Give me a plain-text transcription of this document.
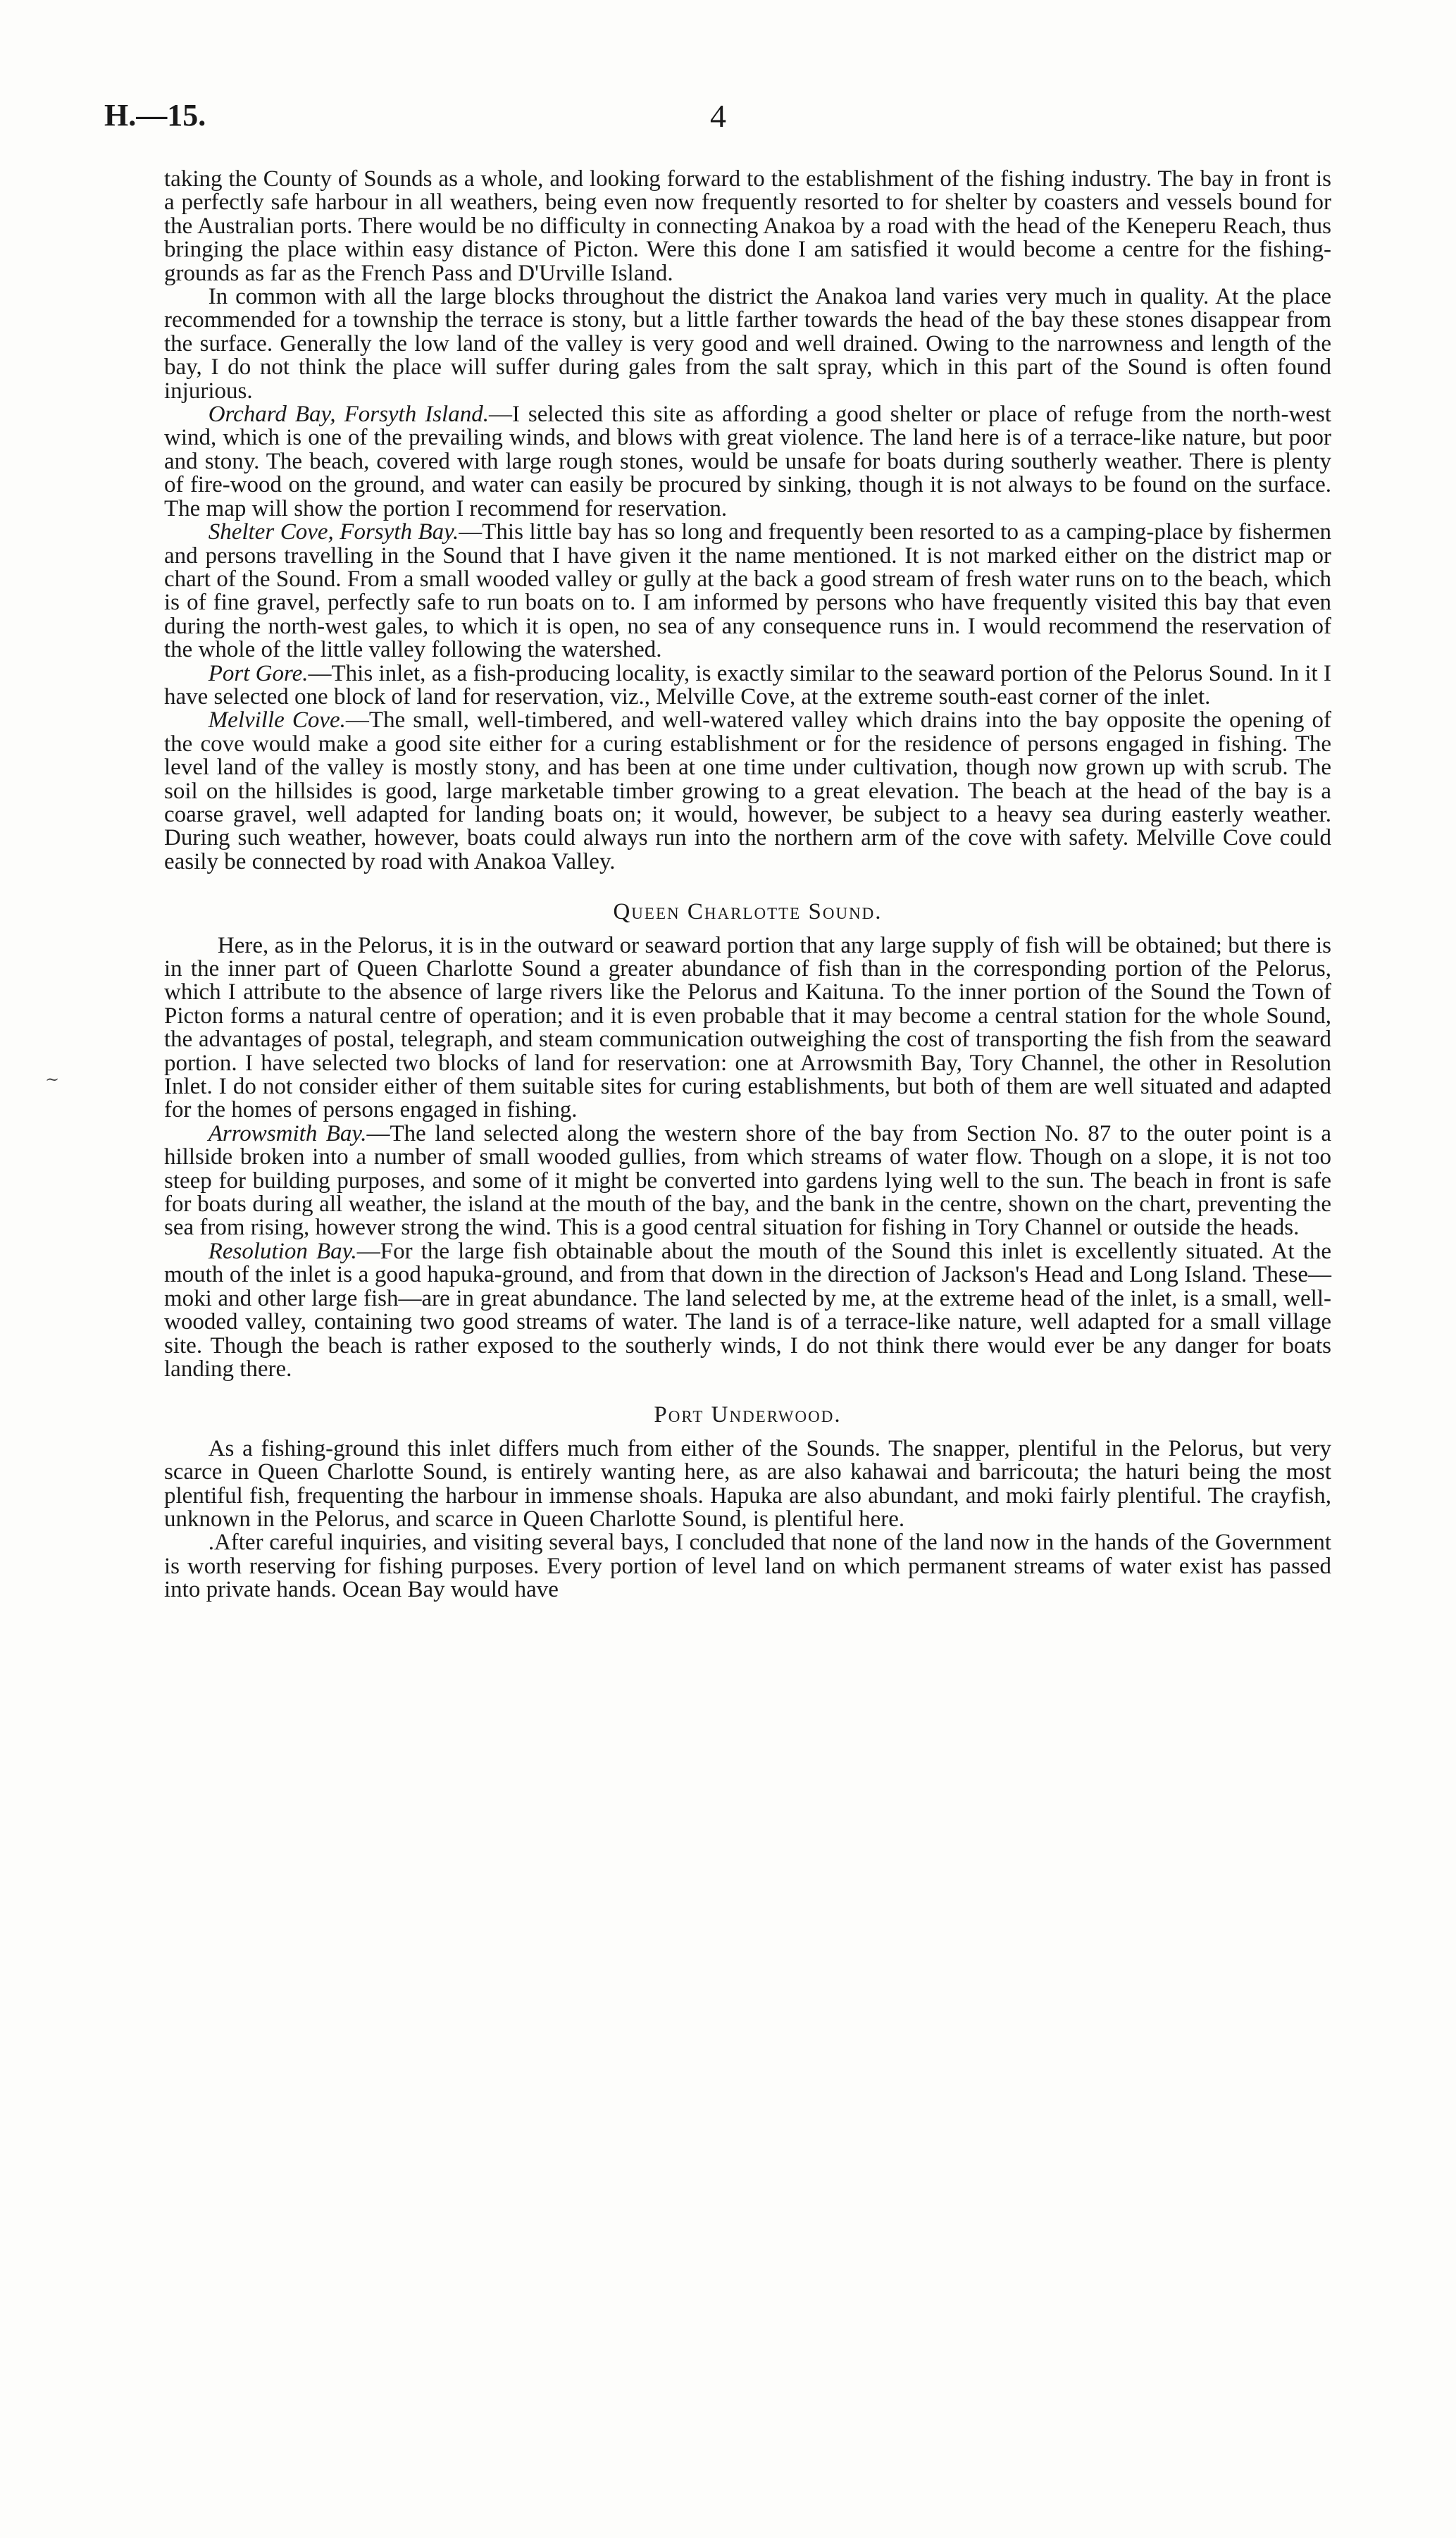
H.—15.	4
~

taking the County of Sounds as a whole, and looking forward to the establishment of the fishing industry. The bay in front is a perfectly safe harbour in all weathers, being even now frequently resorted to for shelter by coasters and vessels bound for the Australian ports. There would be no difficulty in connecting Anakoa by a road with the head of the Keneperu Reach, thus bringing the place within easy distance of Picton. Were this done I am satisfied it would become a centre for the fishing-grounds as far as the French Pass and D'Urville Island.

In common with all the large blocks throughout the district the Anakoa land varies very much in quality. At the place recommended for a township the terrace is stony, but a little farther towards the head of the bay these stones disappear from the surface. Generally the low land of the valley is very good and well drained. Owing to the narrowness and length of the bay, I do not think the place will suffer during gales from the salt spray, which in this part of the Sound is often found injurious.

Orchard Bay, Forsyth Island.—I selected this site as affording a good shelter or place of refuge from the north-west wind, which is one of the prevailing winds, and blows with great violence. The land here is of a terrace-like nature, but poor and stony. The beach, covered with large rough stones, would be unsafe for boats during southerly weather. There is plenty of fire-wood on the ground, and water can easily be procured by sinking, though it is not always to be found on the surface. The map will show the portion I recommend for reservation.

Shelter Cove, Forsyth Bay.—This little bay has so long and frequently been resorted to as a camping-place by fishermen and persons travelling in the Sound that I have given it the name mentioned. It is not marked either on the district map or chart of the Sound. From a small wooded valley or gully at the back a good stream of fresh water runs on to the beach, which is of fine gravel, perfectly safe to run boats on to. I am informed by persons who have frequently visited this bay that even during the north-west gales, to which it is open, no sea of any consequence runs in. I would recommend the reservation of the whole of the little valley following the watershed.

Port Gore.—This inlet, as a fish-producing locality, is exactly similar to the seaward portion of the Pelorus Sound. In it I have selected one block of land for reservation, viz., Melville Cove, at the extreme south-east corner of the inlet.

Melville Cove.—The small, well-timbered, and well-watered valley which drains into the bay opposite the opening of the cove would make a good site either for a curing establishment or for the residence of persons engaged in fishing. The level land of the valley is mostly stony, and has been at one time under cultivation, though now grown up with scrub. The soil on the hillsides is good, large marketable timber growing to a great elevation. The beach at the head of the bay is a coarse gravel, well adapted for landing boats on; it would, however, be subject to a heavy sea during easterly weather. During such weather, however, boats could always run into the northern arm of the cove with safety. Melville Cove could easily be connected by road with Anakoa Valley.

Queen Charlotte Sound.

Here, as in the Pelorus, it is in the outward or seaward portion that any large supply of fish will be obtained; but there is in the inner part of Queen Charlotte Sound a greater abundance of fish than in the corresponding portion of the Pelorus, which I attribute to the absence of large rivers like the Pelorus and Kaituna. To the inner portion of the Sound the Town of Picton forms a natural centre of operation; and it is even probable that it may become a central station for the whole Sound, the advantages of postal, telegraph, and steam communication outweighing the cost of transporting the fish from the seaward portion. I have selected two blocks of land for reservation: one at Arrowsmith Bay, Tory Channel, the other in Resolution Inlet. I do not consider either of them suitable sites for curing establishments, but both of them are well situated and adapted for the homes of persons engaged in fishing.

Arrowsmith Bay.—The land selected along the western shore of the bay from Section No. 87 to the outer point is a hillside broken into a number of small wooded gullies, from which streams of water flow. Though on a slope, it is not too steep for building purposes, and some of it might be converted into gardens lying well to the sun. The beach in front is safe for boats during all weather, the island at the mouth of the bay, and the bank in the centre, shown on the chart, preventing the sea from rising, however strong the wind. This is a good central situation for fishing in Tory Channel or outside the heads.

Resolution Bay.—For the large fish obtainable about the mouth of the Sound this inlet is excellently situated. At the mouth of the inlet is a good hapuka-ground, and from that down in the direction of Jackson's Head and Long Island. These—moki and other large fish—are in great abundance. The land selected by me, at the extreme head of the inlet, is a small, well-wooded valley, containing two good streams of water. The land is of a terrace-like nature, well adapted for a small village site. Though the beach is rather exposed to the southerly winds, I do not think there would ever be any danger for boats landing there.

Port Underwood.

As a fishing-ground this inlet differs much from either of the Sounds. The snapper, plentiful in the Pelorus, but very scarce in Queen Charlotte Sound, is entirely wanting here, as are also kahawai and barricouta; the haturi being the most plentiful fish, frequenting the harbour in immense shoals. Hapuka are also abundant, and moki fairly plentiful. The crayfish, unknown in the Pelorus, and scarce in Queen Charlotte Sound, is plentiful here.

.After careful inquiries, and visiting several bays, I concluded that none of the land now in the hands of the Government is worth reserving for fishing purposes. Every portion of level land on which permanent streams of water exist has passed into private hands. Ocean Bay would have
